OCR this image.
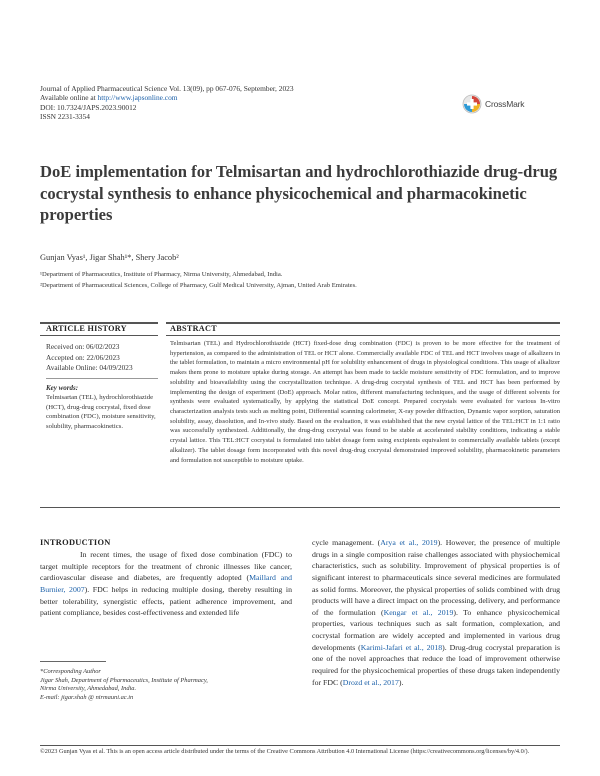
Journal of Applied Pharmaceutical Science Vol. 13(09), pp 067-076, September, 2023
Available online at http://www.japsonline.com
DOI: 10.7324/JAPS.2023.90012
ISSN 2231-3354
CrossMark
DoE implementation for Telmisartan and hydrochlorothiazide drug-drug cocrystal synthesis to enhance physicochemical and pharmacokinetic properties
Gunjan Vyas¹, Jigar Shah¹*, Shery Jacob²
¹Department of Pharmaceutics, Institute of Pharmacy, Nirma University, Ahmedabad, India.
²Department of Pharmaceutical Sciences, College of Pharmacy, Gulf Medical University, Ajman, United Arab Emirates.
ARTICLE HISTORY	ABSTRACT
Received on: 06/02/2023
Accepted on: 22/06/2023
Available Online: 04/09/2023
Key words:
Telmisartan (TEL), hydrochlorothiazide (HCT), drug-drug cocrystal, fixed dose combination (FDC), moisture sensitivity, solubility, pharmacokinetics.
Telmisartan (TEL) and Hydrochlorothiazide (HCT) fixed-dose drug combination (FDC) is proven to be more effective for the treatment of hypertension, as compared to the administration of TEL or HCT alone. Commercially available FDC of TEL and HCT involves usage of alkalizers in the tablet formulation, to maintain a micro environmental pH for solubility enhancement of drugs in physiological conditions. This usage of alkalizer makes them prone to moisture uptake during storage. An attempt has been made to tackle moisture sensitivity of FDC formulation, and to improve solubility and bioavailability using the cocrystallization technique. A drug-drug cocrystal synthesis of TEL and HCT has been performed by implementing the design of experiment (DoE) approach. Molar ratios, different manufacturing techniques, and the usage of different solvents for synthesis were evaluated systematically, by applying the statistical DoE concept. Prepared cocrystals were evaluated for various In-vitro characterization analysis tests such as melting point, Differential scanning calorimeter, X-ray powder diffraction, Dynamic vapor sorption, saturation solubility, assay, dissolution, and In-vivo study. Based on the evaluation, it was established that the new crystal lattice of the TEL:HCT in 1:1 ratio was successfully synthesized. Additionally, the drug-drug cocrystal was found to be stable at accelerated stability conditions, indicating a stable crystal lattice. This TEL:HCT cocrystal is formulated into tablet dosage form using excipients equivalent to commercially available tablets (except alkalizer). The tablet dosage form incorporated with this novel drug-drug cocrystal demonstrated improved solubility, pharmacokinetic parameters and formulation not susceptible to moisture uptake.
INTRODUCTION
In recent times, the usage of fixed dose combination (FDC) to target multiple receptors for the treatment of chronic illnesses like cancer, cardiovascular disease and diabetes, are frequently adopted (Maillard and Burnier, 2007). FDC helps in reducing multiple dosing, thereby resulting in better tolerability, synergistic effects, patient adherence improvement, and patient compliance, besides cost-effectiveness and extended life
cycle management. (Arya et al., 2019). However, the presence of multiple drugs in a single composition raise challenges associated with physiochemical characteristics, such as solubility. Improvement of physical properties is of significant interest to pharmaceuticals since several medicines are formulated as solid forms. Moreover, the physical properties of solids combined with drug products will have a direct impact on the processing, delivery, and performance of the formulation (Kengar et al., 2019). To enhance physicochemical properties, various techniques such as salt formation, complexation, and cocrystal formation are widely accepted and implemented in various drug developments (Karimi-Jafari et al., 2018). Drug-drug cocrystal preparation is one of the novel approaches that reduce the load of improvement otherwise required for the physicochemical properties of these drugs taken independently for FDC (Drozd et al., 2017).
*Corresponding Author
Jigar Shah, Department of Pharmaceutics, Institute of Pharmacy,
Nirma University, Ahmedabad, India.
E-mail: jigar.shah @ nirmauni.ac.in
©2023 Gunjan Vyas et al. This is an open access article distributed under the terms of the Creative Commons Attribution 4.0 International License (https://creativecommons.org/licenses/by/4.0/).
